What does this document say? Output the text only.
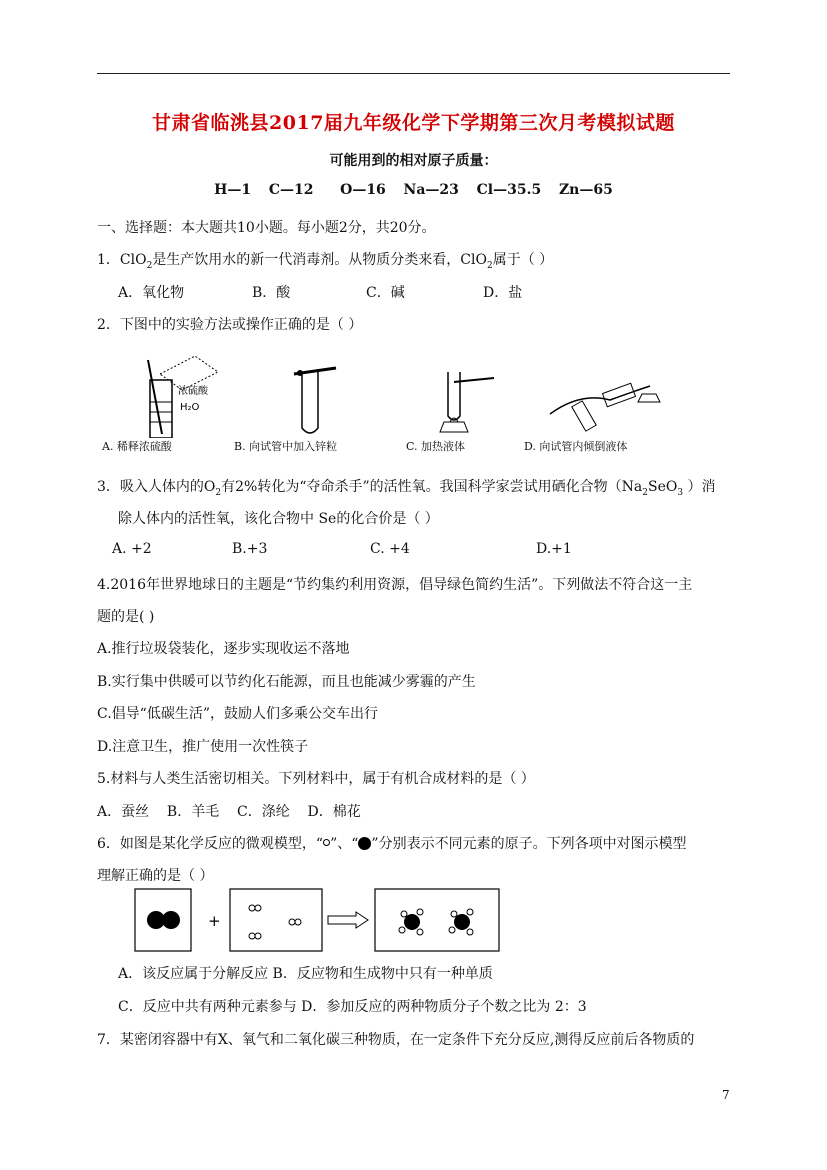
甘肃省临洮县2017届九年级化学下学期第三次月考模拟试题
可能用到的相对原子质量：
H—1  C—12   O—16  Na—23  Cl—35.5  Zn—65
一、选择题：本大题共10小题。每小题2分，共20分。
1．ClO$_2$是生产饮用水的新一代消毒剂。从物质分类来看，ClO$_2$属于（ ）
A．氧化物	B．酸	C．碱	D．盐
2．下图中的实验方法或操作正确的是（ ）
浓硫酸
H₂O
A. 稀释浓硫酸	B. 向试管中加入锌粒	C. 加热液体	D. 向试管内倾倒液体
3．吸入人体内的$O_2$有2%转化为“夺命杀手”的活性氧。我国科学家尝试用硒化合物（$Na_2SeO_3$ ）消
除人体内的活性氧，该化合物中 Se的化合价是（ ）
A. +2	B.+3	C. +4	D.+1
4.2016年世界地球日的主题是“节约集约利用资源，倡导绿色简约生活”。下列做法不符合这一主
题的是( )
A.推行垃圾袋装化，逐步实现收运不落地
B.实行集中供暖可以节约化石能源，而且也能减少雾霾的产生
C.倡导“低碳生活”，鼓励人们多乘公交车出行
D.注意卫生，推广使用一次性筷子
5.材料与人类生活密切相关。下列材料中，属于有机合成材料的是（ ）
A．蚕丝    B．羊毛    C．涤纶    D．棉花
6．如图是某化学反应的微观模型，“ ”、“ ”分别表示不同元素的原子。下列各项中对图示模型
理解正确的是（ ）
+
A．该反应属于分解反应 B．反应物和生成物中只有一种单质
C．反应中共有两种元素参与 D．参加反应的两种物质分子个数之比为 2：3
7．某密闭容器中有X、氧气和二氧化碳三种物质，在一定条件下充分反应,测得反应前后各物质的
7
